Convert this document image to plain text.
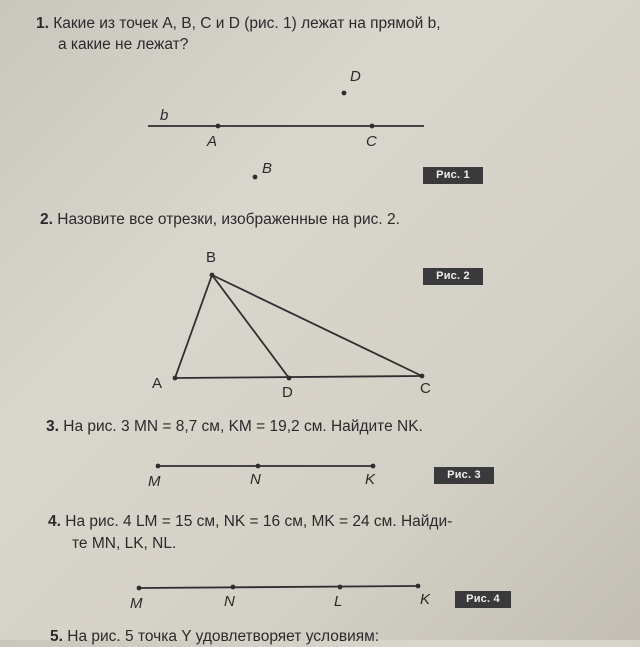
1. Какие из точек A, B, C и D (рис. 1) лежат на прямой b,
а какие не лежат?
2. Назовите все отрезки, изображенные на рис. 2.
3. На рис. 3 MN = 8,7 см, KM = 19,2 см. Найдите NK.
4. На рис. 4 LM = 15 см, NK = 16 см, MK = 24 см. Найди-
те MN, LK, NL.
5. На рис. 5 точка Y удовлетворяет условиям:
b
A	C
D
B	Рис. 1
B
A
D	C
Рис. 2
M	N	K	Рис. 3
M	N	L	K	Рис. 4
